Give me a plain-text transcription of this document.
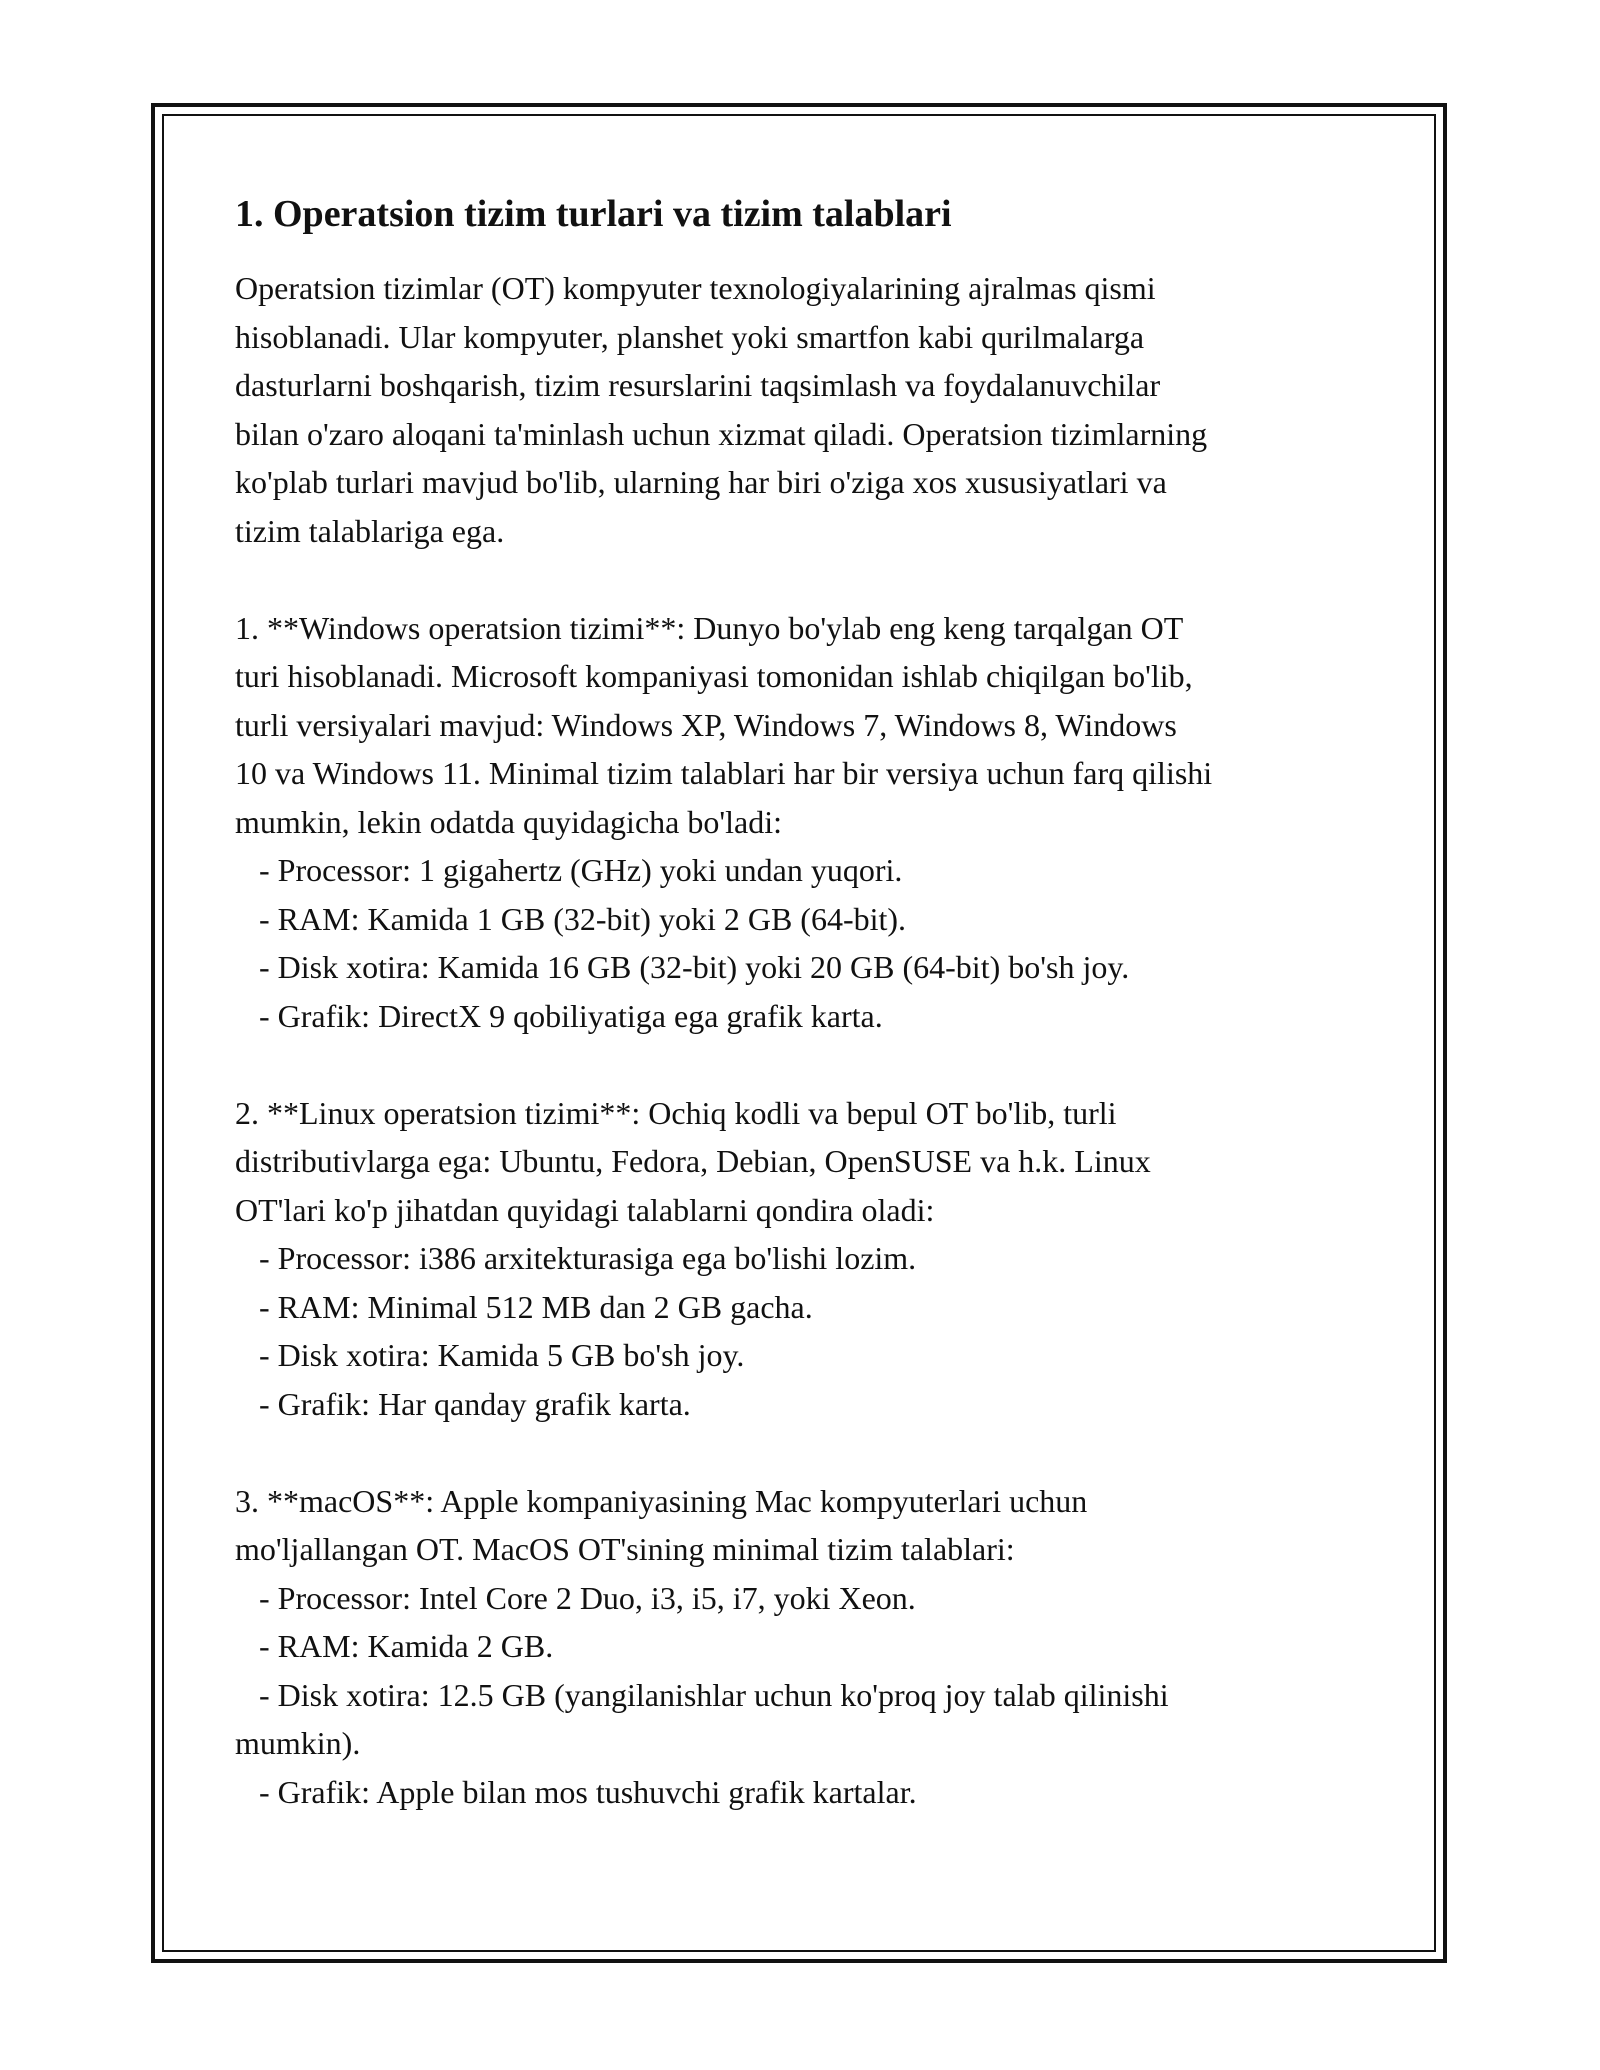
1. Operatsion tizim turlari va tizim talablari

Operatsion tizimlar (OT) kompyuter texnologiyalarining ajralmas qismi
hisoblanadi. Ular kompyuter, planshet yoki smartfon kabi qurilmalarga
dasturlarni boshqarish, tizim resurslarini taqsimlash va foydalanuvchilar
bilan o'zaro aloqani ta'minlash uchun xizmat qiladi. Operatsion tizimlarning
ko'plab turlari mavjud bo'lib, ularning har biri o'ziga xos xususiyatlari va
tizim talablariga ega.

1. **Windows operatsion tizimi**: Dunyo bo'ylab eng keng tarqalgan OT
turi hisoblanadi. Microsoft kompaniyasi tomonidan ishlab chiqilgan bo'lib,
turli versiyalari mavjud: Windows XP, Windows 7, Windows 8, Windows
10 va Windows 11. Minimal tizim talablari har bir versiya uchun farq qilishi
mumkin, lekin odatda quyidagicha bo'ladi:

- Processor: 1 gigahertz (GHz) yoki undan yuqori.
- RAM: Kamida 1 GB (32-bit) yoki 2 GB (64-bit).
- Disk xotira: Kamida 16 GB (32-bit) yoki 20 GB (64-bit) bo'sh joy.
- Grafik: DirectX 9 qobiliyatiga ega grafik karta.

2. **Linux operatsion tizimi**: Ochiq kodli va bepul OT bo'lib, turli
distributivlarga ega: Ubuntu, Fedora, Debian, OpenSUSE va h.k. Linux
OT'lari ko'p jihatdan quyidagi talablarni qondira oladi:

- Processor: i386 arxitekturasiga ega bo'lishi lozim.
- RAM: Minimal 512 MB dan 2 GB gacha.
- Disk xotira: Kamida 5 GB bo'sh joy.
- Grafik: Har qanday grafik karta.

3. **macOS**: Apple kompaniyasining Mac kompyuterlari uchun
mo'ljallangan OT. MacOS OT'sining minimal tizim talablari:

- Processor: Intel Core 2 Duo, i3, i5, i7, yoki Xeon.
- RAM: Kamida 2 GB.
- Disk xotira: 12.5 GB (yangilanishlar uchun ko'proq joy talab qilinishi
mumkin).
- Grafik: Apple bilan mos tushuvchi grafik kartalar.
